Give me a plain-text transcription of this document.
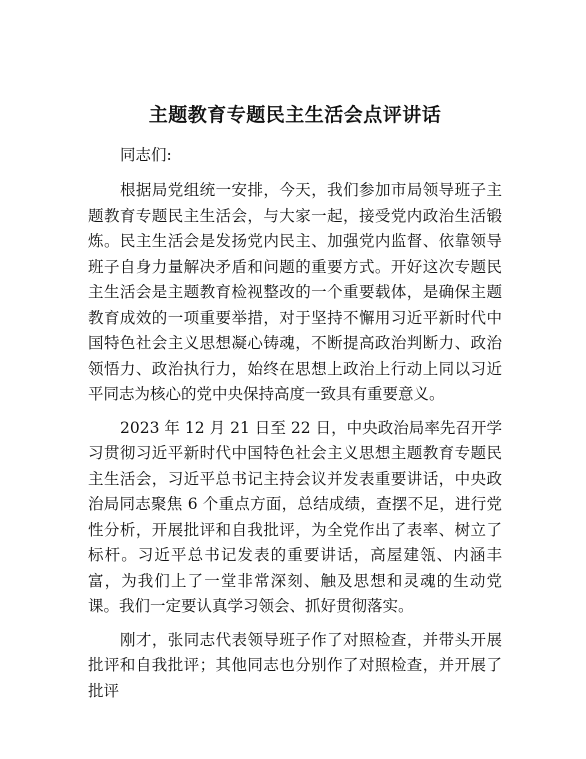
主题教育专题民主生活会点评讲话

同志们:

根据局党组统一安排，今天，我们参加市局领导班子主题教育专题民主生活会，与大家一起，接受党内政治生活锻炼。民主生活会是发扬党内民主、加强党内监督、依靠领导班子自身力量解决矛盾和问题的重要方式。开好这次专题民主生活会是主题教育检视整改的一个重要载体，是确保主题教育成效的一项重要举措，对于坚持不懈用习近平新时代中国特色社会主义思想凝心铸魂，不断提高政治判断力、政治领悟力、政治执行力，始终在思想上政治上行动上同以习近平同志为核心的党中央保持高度一致具有重要意义。

2023 年 12 月 21 日至 22 日，中央政治局率先召开学习贯彻习近平新时代中国特色社会主义思想主题教育专题民主生活会，习近平总书记主持会议并发表重要讲话，中央政治局同志聚焦 6 个重点方面，总结成绩，查摆不足，进行党性分析，开展批评和自我批评，为全党作出了表率、树立了标杆。习近平总书记发表的重要讲话，高屋建瓴、内涵丰富，为我们上了一堂非常深刻、触及思想和灵魂的生动党课。我们一定要认真学习领会、抓好贯彻落实。

刚才，张同志代表领导班子作了对照检查，并带头开展批评和自我批评；其他同志也分别作了对照检查，并开展了批评
